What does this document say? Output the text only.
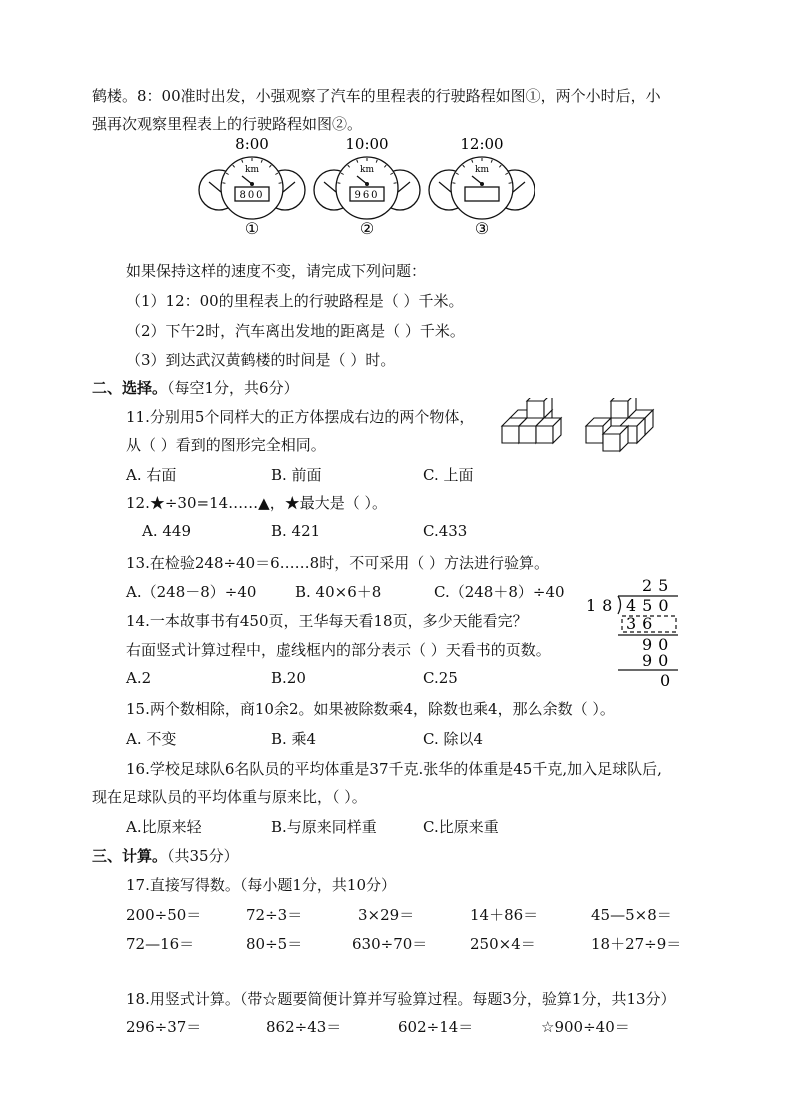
鹤楼。8：00准时出发，小强观察了汽车的里程表的行驶路程如图①，两个小时后，小
强再次观察里程表上的行驶路程如图②。
km
800
8:00
①
km
960
10:00
②
km
12:00
③
如果保持这样的速度不变，请完成下列问题：
（1）12：00的里程表上的行驶路程是（ ）千米。
（2）下午2时，汽车离出发地的距离是（ ）千米。
（3）到达武汉黄鹤楼的时间是（ ）时。
二、选择。（每空1分，共6分）
11.分别用5个同样大的正方体摆成右边的两个物体，
从（ ）看到的图形完全相同。
A. 右面	B. 前面	C. 上面
12.★÷30=14……▲，★最大是（ ）。
A. 449	B. 421	C.433
13.在检验248÷40＝6……8时，不可采用（ ）方法进行验算。
A.（248－8）÷40	B. 40×6＋8	C.（248＋8）÷40
14.一本故事书有450页，王华每天看18页，多少天能看完？
右面竖式计算过程中，虚线框内的部分表示（ ）天看书的页数。
A.2	B.20	C.25
25
18 450
36
90
90
0
15.两个数相除，商10余2。如果被除数乘4，除数也乘4，那么余数（ ）。
A. 不变	B. 乘4	C. 除以4
16.学校足球队6名队员的平均体重是37千克.张华的体重是45千克,加入足球队后,
现在足球队员的平均体重与原来比，（ ）。
A.比原来轻	B.与原来同样重	C.比原来重
三、计算。（共35分）
17.直接写得数。（每小题1分，共10分）
200÷50＝	72÷3＝	3×29＝	14＋86＝	45—5×8＝
72—16＝	80÷5＝	630÷70＝	250×4＝	18＋27÷9＝
18.用竖式计算。（带☆题要简便计算并写验算过程。每题3分，验算1分，共13分）
296÷37＝	862÷43＝	602÷14＝	☆900÷40＝
